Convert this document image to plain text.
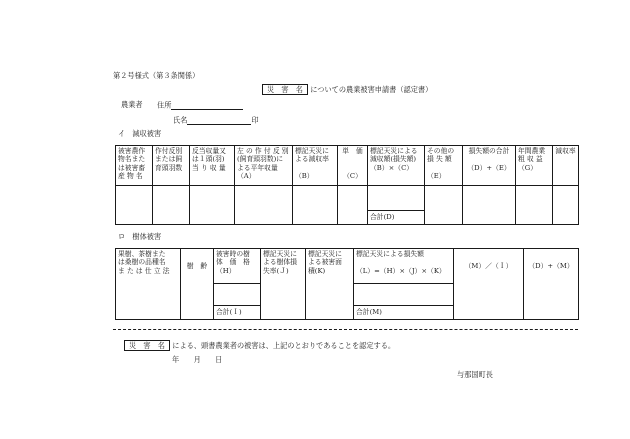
第２号様式（第３条関係）
災　害　名 についての農業被害申請書（認定書）
農業者 住所
氏名	印
イ　減収被害
被害農作
物名また
は被害畜
産 物 名	作付反別
または飼
育頭羽数	反当収量又
は１頭(羽)
当 り 収 量	左 の 作 付 反 別
(飼育頭羽数)に
よる平年収量
（A）	標記天災に
よる減収率

（B）	単　価

（C）	標記天災による
減収額(損失額)
（B）×（C）	その他の
損 失 額

（E）	損失額の合計

（D）+（E）	年間農業
粗 収 益
（G）	減収率

						合計(D)				
ロ　樹体被害
果樹、茶樹また
は桑樹の品種名
ま た は 仕 立 法	樹　齢	被害時の樹
体　価　格
（H）	標記天災に
よる樹体損
失率(Ｊ)	標記天災に
よる被害面
積(K)	標記天災による損失額

（L）=（H）×（J）×（K）	（M）／（Ｉ）	（D）+（M）

		合計(Ｉ)			合計(M)		
災　害　名 による、頭書農業者の被害は、上記のとおりであることを認定する。
年　　月　　日
与那国町長
